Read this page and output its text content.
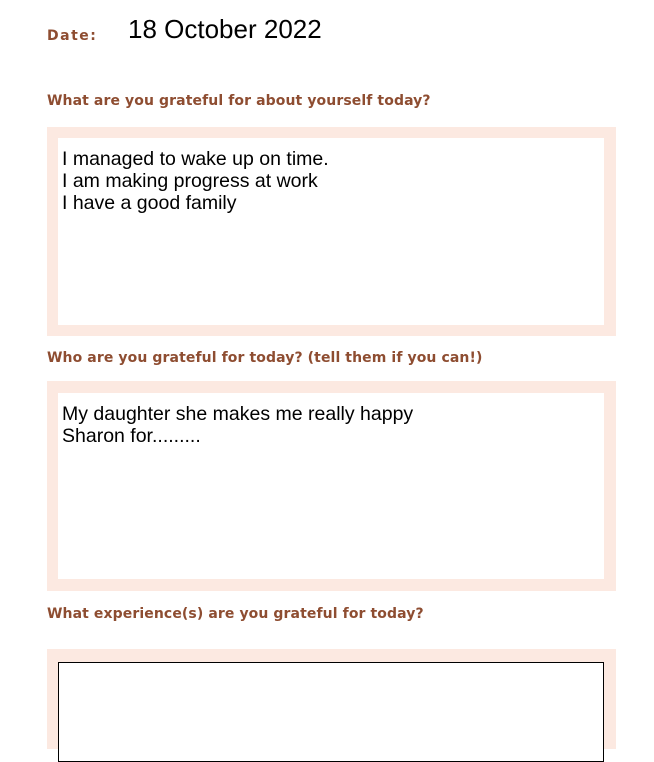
Date: 18 October 2022
What are you grateful for about yourself today?
I managed to wake up on time.
I am making progress at work
I have a good family
Who are you grateful for today? (tell them if you can!)
My daughter she makes me really happy
Sharon for.........
What experience(s) are you grateful for today?
